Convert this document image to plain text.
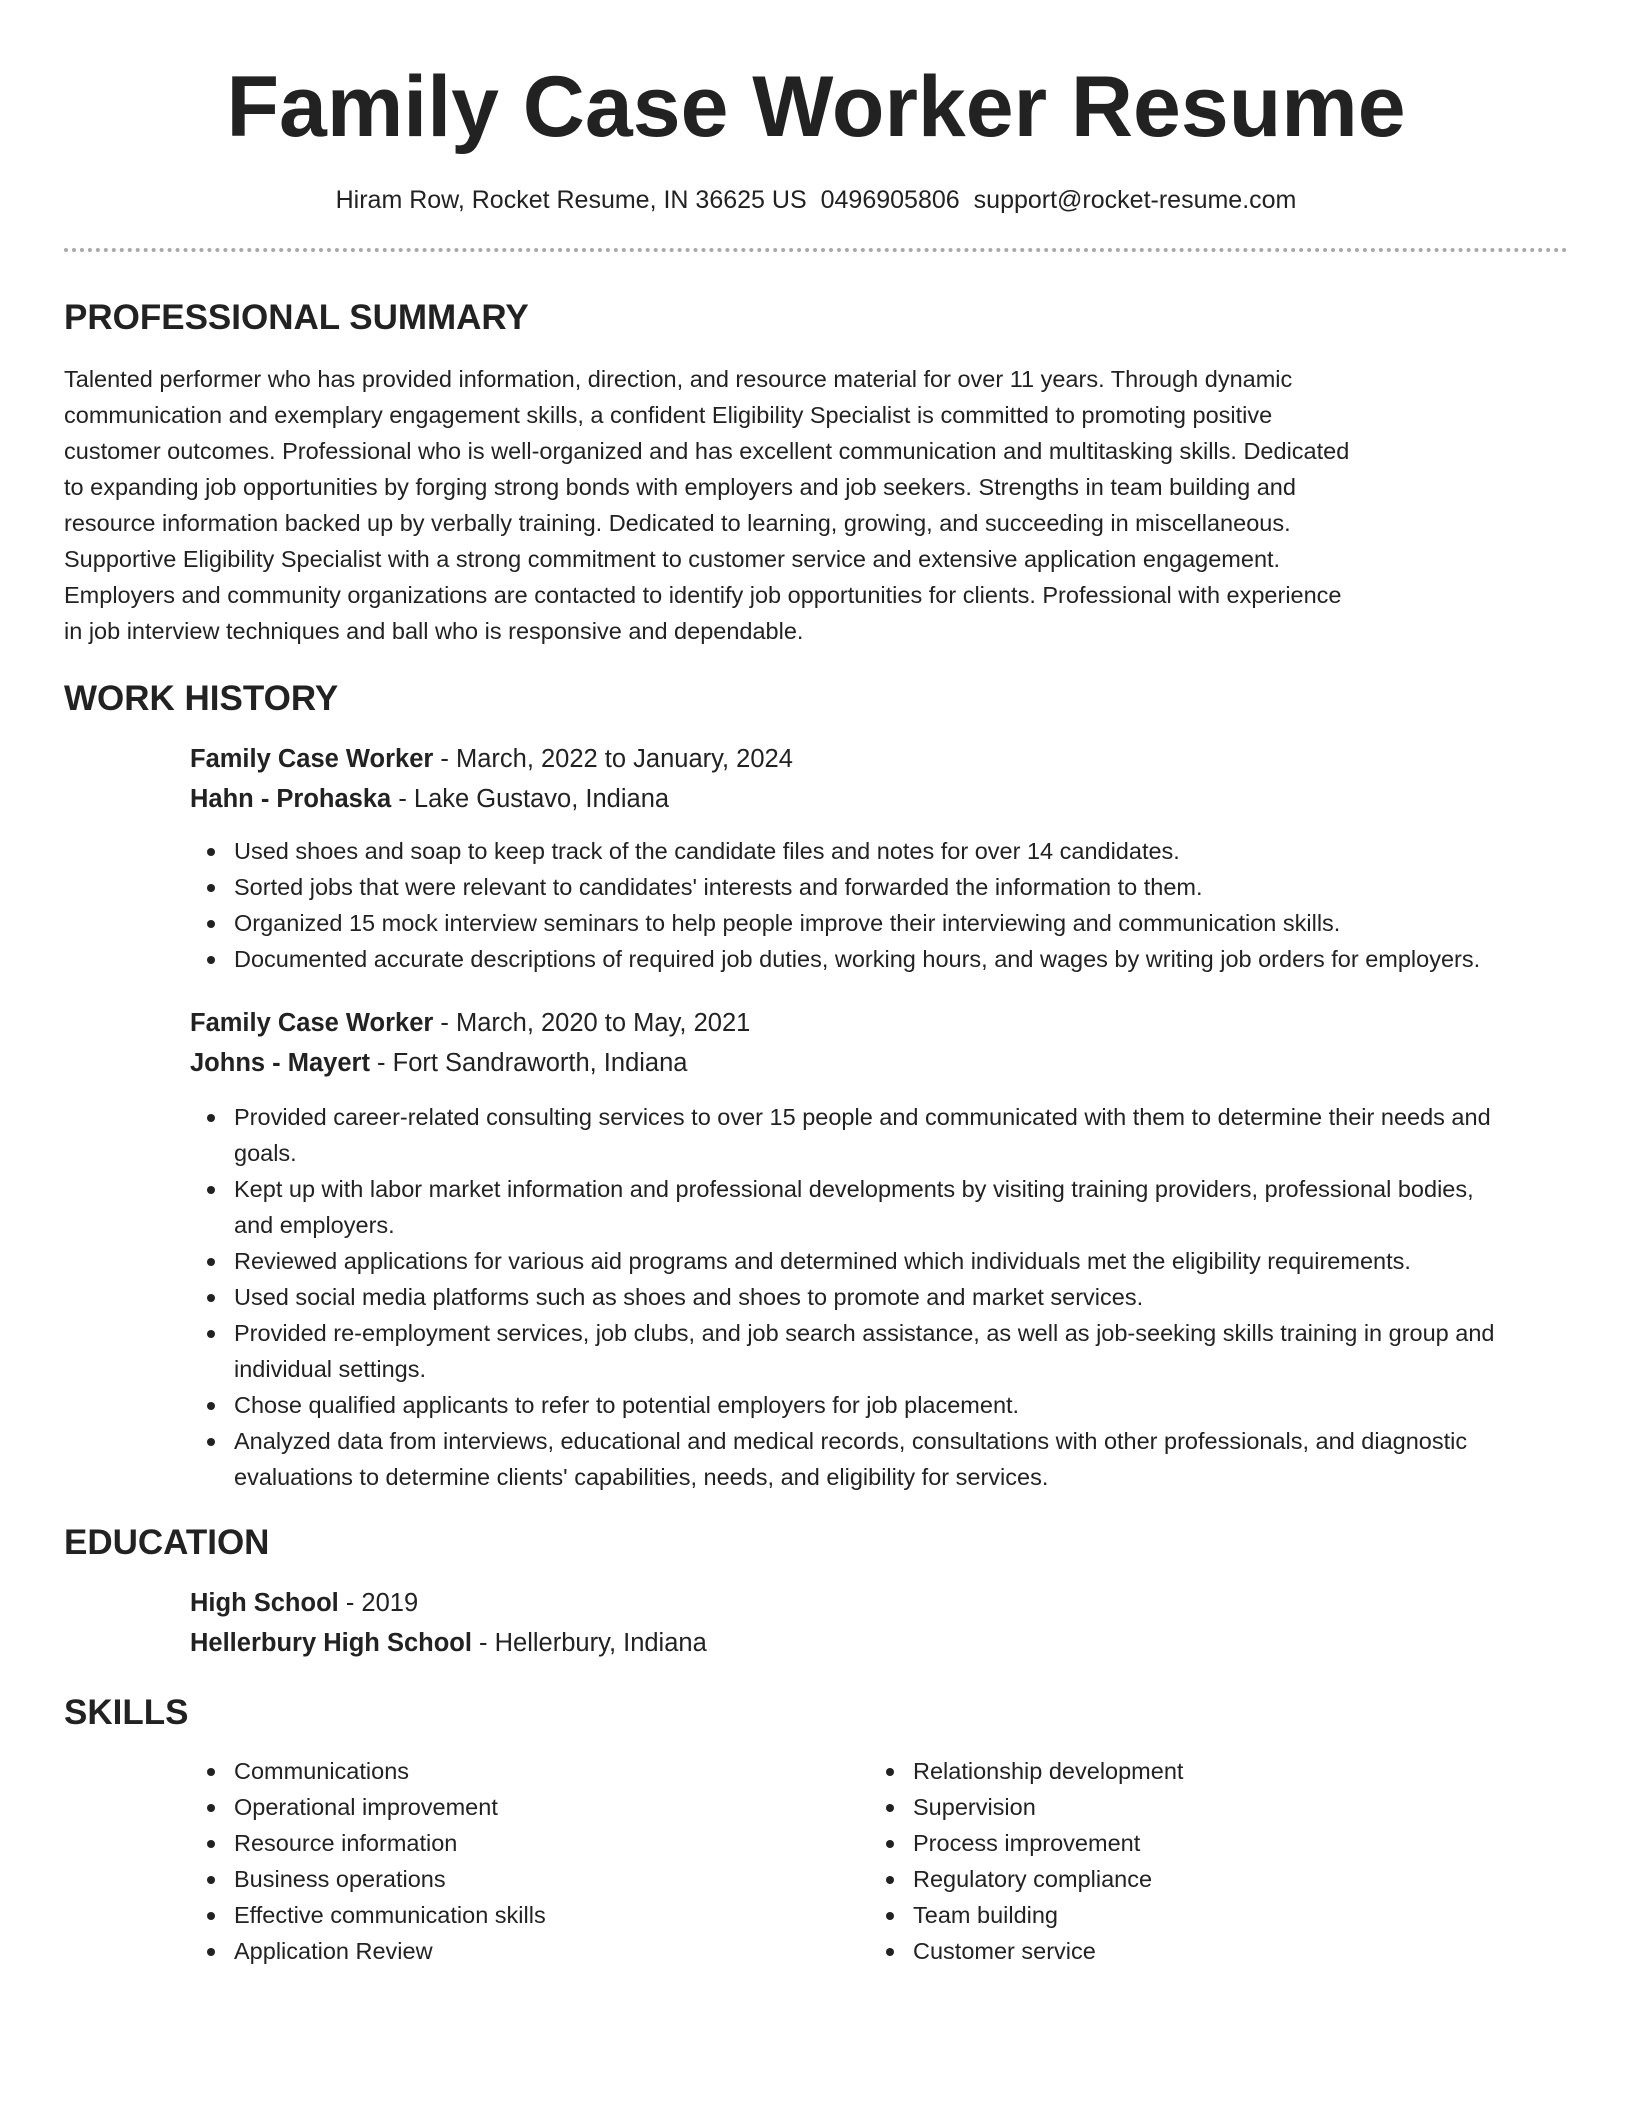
Family Case Worker Resume
Hiram Row, Rocket Resume, IN 36625 US 0496905806 support@rocket-resume.com
PROFESSIONAL SUMMARY
Talented performer who has provided information, direction, and resource material for over 11 years. Through dynamic
communication and exemplary engagement skills, a confident Eligibility Specialist is committed to promoting positive
customer outcomes. Professional who is well-organized and has excellent communication and multitasking skills. Dedicated
to expanding job opportunities by forging strong bonds with employers and job seekers. Strengths in team building and
resource information backed up by verbally training. Dedicated to learning, growing, and succeeding in miscellaneous.
Supportive Eligibility Specialist with a strong commitment to customer service and extensive application engagement.
Employers and community organizations are contacted to identify job opportunities for clients. Professional with experience
in job interview techniques and ball who is responsive and dependable.
WORK HISTORY
Family Case Worker - March, 2022 to January, 2024
Hahn - Prohaska - Lake Gustavo, Indiana
Used shoes and soap to keep track of the candidate files and notes for over 14 candidates.
Sorted jobs that were relevant to candidates' interests and forwarded the information to them.
Organized 15 mock interview seminars to help people improve their interviewing and communication skills.
Documented accurate descriptions of required job duties, working hours, and wages by writing job orders for employers.
Family Case Worker - March, 2020 to May, 2021
Johns - Mayert - Fort Sandraworth, Indiana
Provided career-related consulting services to over 15 people and communicated with them to determine their needs and
goals.
Kept up with labor market information and professional developments by visiting training providers, professional bodies,
and employers.
Reviewed applications for various aid programs and determined which individuals met the eligibility requirements.
Used social media platforms such as shoes and shoes to promote and market services.
Provided re-employment services, job clubs, and job search assistance, as well as job-seeking skills training in group and
individual settings.
Chose qualified applicants to refer to potential employers for job placement.
Analyzed data from interviews, educational and medical records, consultations with other professionals, and diagnostic
evaluations to determine clients' capabilities, needs, and eligibility for services.
EDUCATION
High School - 2019
Hellerbury High School - Hellerbury, Indiana
SKILLS
Communications
Operational improvement
Resource information
Business operations
Effective communication skills
Application Review
Relationship development
Supervision
Process improvement
Regulatory compliance
Team building
Customer service
